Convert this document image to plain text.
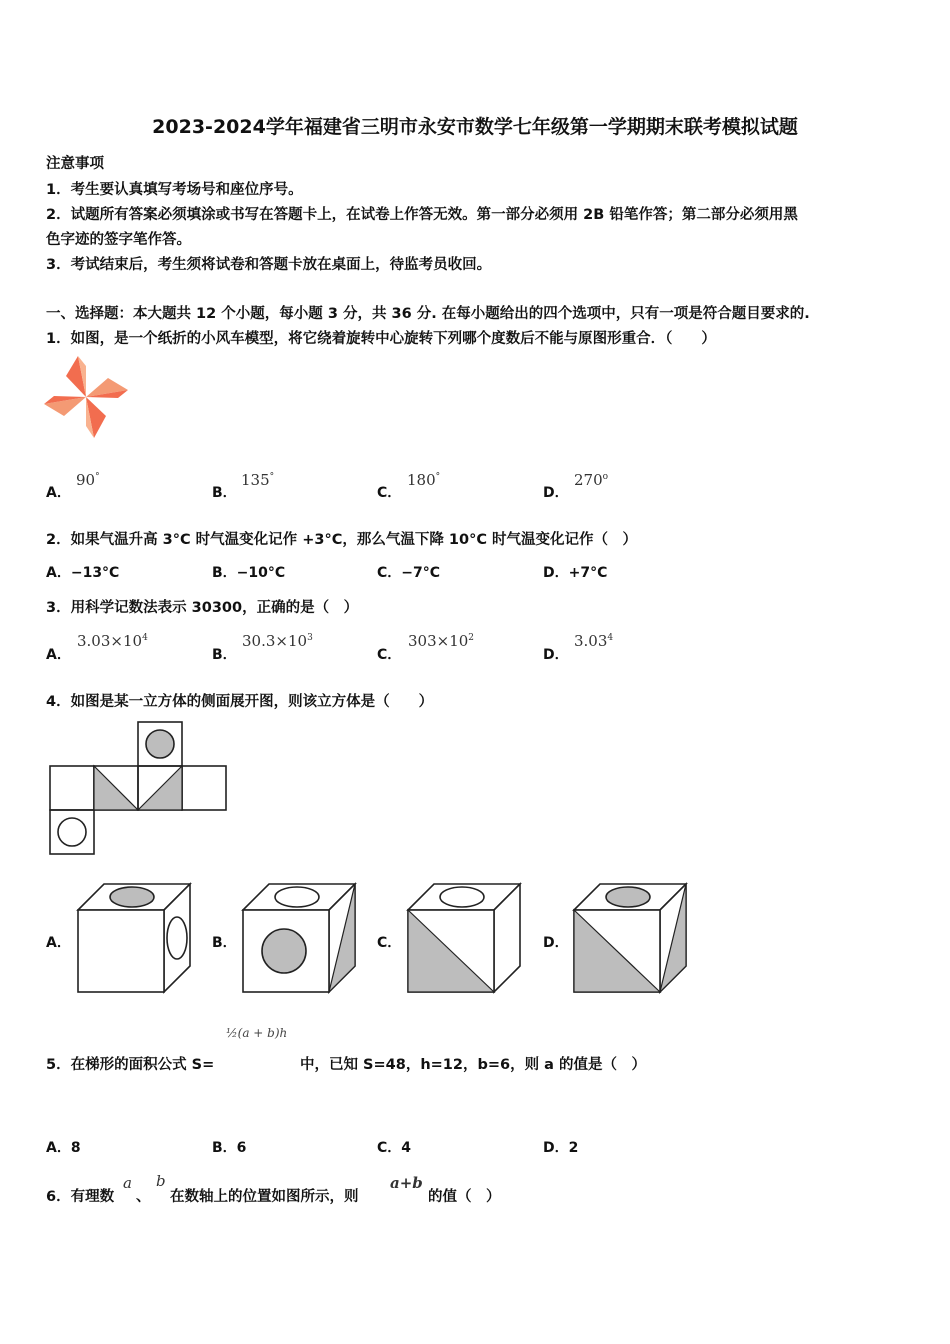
2023-2024学年福建省三明市永安市数学七年级第一学期期末联考模拟试题
注意事项
1．考生要认真填写考场号和座位序号。
2．试题所有答案必须填涂或书写在答题卡上，在试卷上作答无效。第一部分必须用 2B 铅笔作答；第二部分必须用黑
色字迹的签字笔作答。
3．考试结束后，考生须将试卷和答题卡放在桌面上，待监考员收回。
一、选择题：本大题共 12 个小题，每小题 3 分，共 36 分. 在每小题给出的四个选项中，只有一项是符合题目要求的.
1．如图，是一个纸折的小风车模型，将它绕着旋转中心旋转下列哪个度数后不能与原图形重合．（　　）
A．
90°
B．
135°
C．
180°
D．
270$^o$
2．如果气温升高 3°C 时气温变化记作 +3°C，那么气温下降 10°C 时气温变化记作（　）
A．−13°C	B．−10°C	C．−7°C	D．+7°C
3．用科学记数法表示 30300，正确的是（　）
A．
$3.03\times 10^4$
B．
$30.3\times 10^3$
C．
$303\times 10^2$
D．
3.03$^4$
4．如图是某一立方体的侧面展开图，则该立方体是（　　）
A．	B．	C．	D．
½(a + b)h
5．在梯形的面积公式 S=	中，已知 S=48，h=12，b=6，则 a 的值是（　）
A．8	B．6	C．4	D．2
6．有理数
a
、
b
在数轴上的位置如图所示，则
a+b
的值（　）
